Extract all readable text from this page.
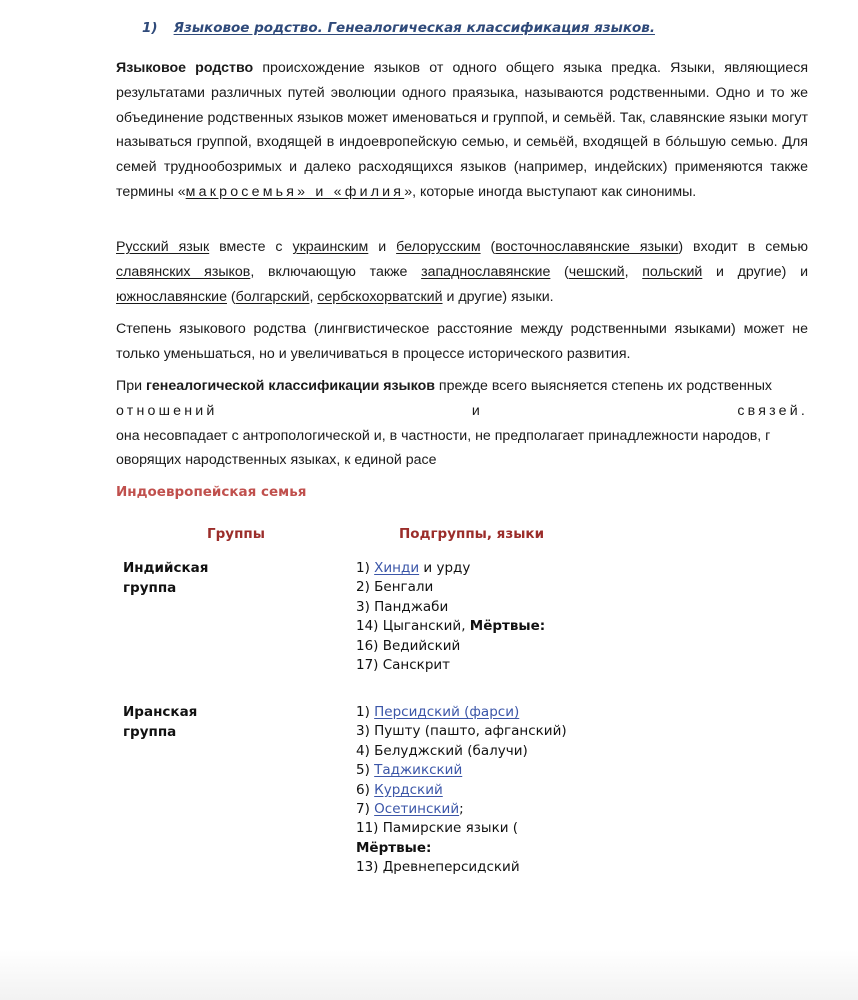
1) Языковое родство. Генеалогическая классификация языков.
Языковое родство происхождение языков от одного общего языка предка. Языки, являющиеся результатами различных путей эволюции одного праязыка, называются родственными. Одно и то же объединение родственных языков может именоваться и группой, и семьёй. Так, славянские языки могут называться группой, входящей в индоевропейскую семью, и семьёй, входящей в бóльшую семью. Для семей труднообозримых и далеко расходящихся языков (например, индейских) применяются также термины «макросемья» и «филия», которые иногда выступают как синонимы.
Русский язык вместе с украинским и белорусским (восточнославянские языки) входит в семью славянских языков, включающую также западнославянские (чешский, польский и другие) и южнославянские (болгарский, сербскохорватский и другие) языки.
Степень языкового родства (лингвистическое расстояние между родственными языками) может не только уменьшаться, но и увеличиваться в процессе исторического развития.
При генеалогической классификации языков прежде всего выясняется степень их родственных
отношений	и	связей.
она несовпадает с антропологической и, в частности, не предполагает принадлежности народов, г оворящих народственных языках, к единой расе
Индоевропейская семья
Группы	Подгруппы, языки
Индийская
группа
1) Хинди и урду
2) Бенгали
3) Панджаби
14) Цыганский, Мёртвые:
16) Ведийский
17) Санскрит
Иранская
группа
1) Персидский (фарси)
3) Пушту (пашто, афганский)
4) Белуджский (балучи)
5) Таджикский
6) Курдский
7) Осетинский;
11) Памирские языки (
Мёртвые:
13) Древнеперсидский
